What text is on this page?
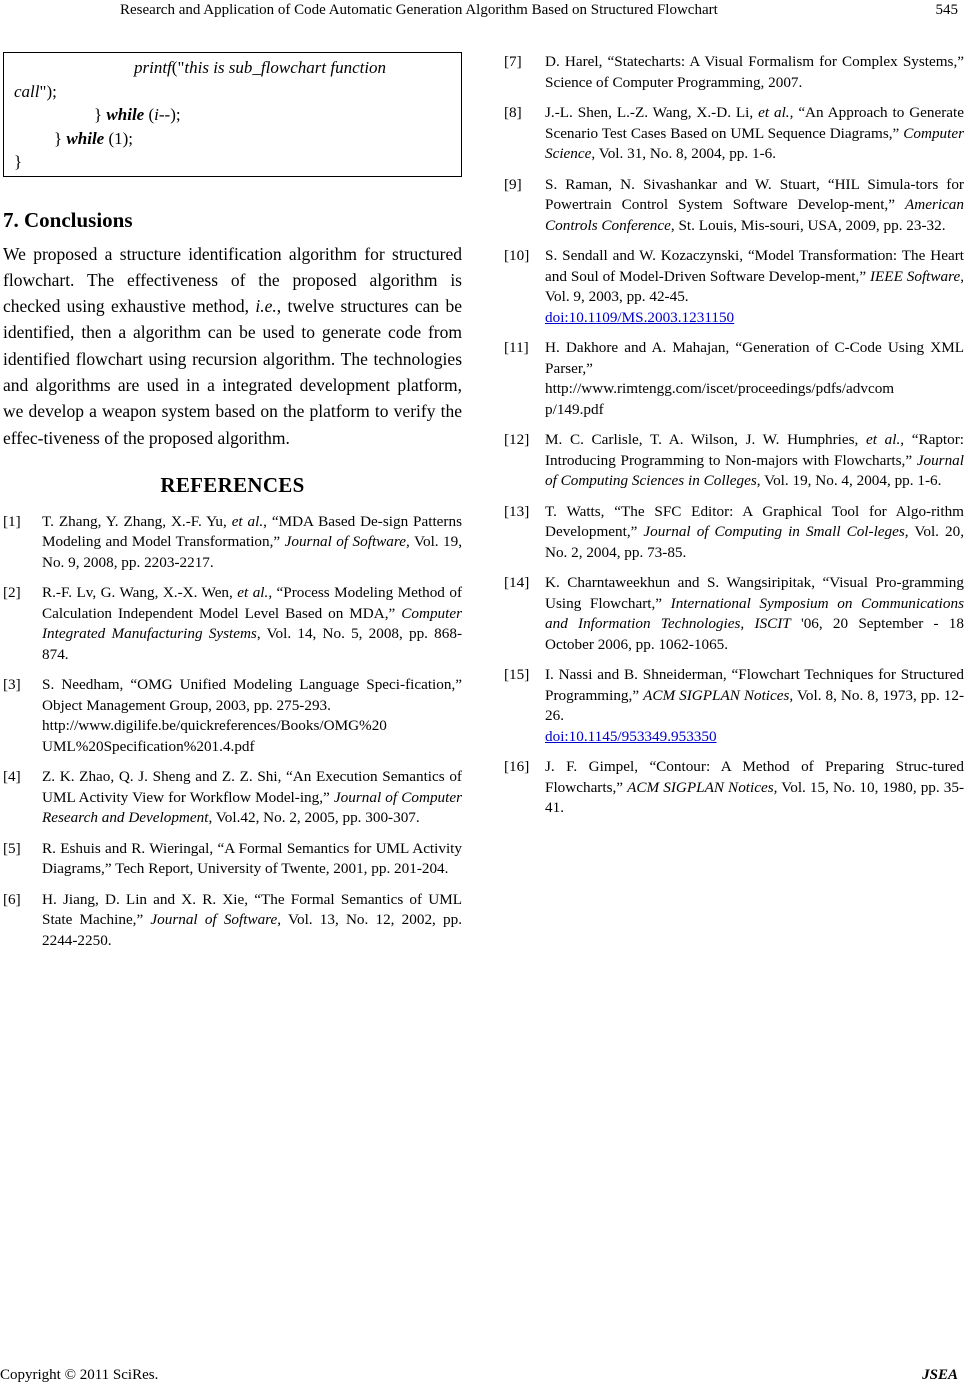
Research and Application of Code Automatic Generation Algorithm Based on Structured Flowchart	545
printf("this is sub_flowchart function
call");
} while (i--);
} while (1);
}
7. Conclusions

We proposed a structure identification algorithm for structured flowchart. The effectiveness of the proposed algorithm is checked using exhaustive method, i.e., twelve structures can be identified, then a algorithm can be used to generate code from identified flowchart using recursion algorithm. The technologies and algorithms are used in a integrated development platform, we develop a weapon system based on the platform to verify the effec-tiveness of the proposed algorithm.

REFERENCES
[1] T. Zhang, Y. Zhang, X.-F. Yu, et al., “MDA Based De-sign Patterns Modeling and Model Transformation,” Journal of Software, Vol. 19, No. 9, 2008, pp. 2203-2217.
[2] R.-F. Lv, G. Wang, X.-X. Wen, et al., “Process Modeling Method of Calculation Independent Model Level Based on MDA,” Computer Integrated Manufacturing Systems, Vol. 14, No. 5, 2008, pp. 868-874.
[3] S. Needham, “OMG Unified Modeling Language Speci-fication,” Object Management Group, 2003, pp. 275-293.
http://www.digilife.be/quickreferences/Books/OMG%20
UML%20Specification%201.4.pdf
[4] Z. K. Zhao, Q. J. Sheng and Z. Z. Shi, “An Execution Semantics of UML Activity View for Workflow Model-ing,” Journal of Computer Research and Development, Vol.42, No. 2, 2005, pp. 300-307.
[5] R. Eshuis and R. Wieringal, “A Formal Semantics for UML Activity Diagrams,” Tech Report, University of Twente, 2001, pp. 201-204.
[6] H. Jiang, D. Lin and X. R. Xie, “The Formal Semantics of UML State Machine,” Journal of Software, Vol. 13, No. 12, 2002, pp. 2244-2250.
[7] D. Harel, “Statecharts: A Visual Formalism for Complex Systems,” Science of Computer Programming, 2007.
[8] J.-L. Shen, L.-Z. Wang, X.-D. Li, et al., “An Approach to Generate Scenario Test Cases Based on UML Sequence Diagrams,” Computer Science, Vol. 31, No. 8, 2004, pp. 1-6.
[9] S. Raman, N. Sivashankar and W. Stuart, “HIL Simula-tors for Powertrain Control System Software Develop-ment,” American Controls Conference, St. Louis, Mis-souri, USA, 2009, pp. 23-32.
[10] S. Sendall and W. Kozaczynski, “Model Transformation: The Heart and Soul of Model-Driven Software Develop-ment,” IEEE Software, Vol. 9, 2003, pp. 42-45.
doi:10.1109/MS.2003.1231150
[11] H. Dakhore and A. Mahajan, “Generation of C-Code Using XML Parser,”
http://www.rimtengg.com/iscet/proceedings/pdfs/advcom
p/149.pdf
[12] M. C. Carlisle, T. A. Wilson, J. W. Humphries, et al., “Raptor: Introducing Programming to Non-majors with Flowcharts,” Journal of Computing Sciences in Colleges, Vol. 19, No. 4, 2004, pp. 1-6.
[13] T. Watts, “The SFC Editor: A Graphical Tool for Algo-rithm Development,” Journal of Computing in Small Col-leges, Vol. 20, No. 2, 2004, pp. 73-85.
[14] K. Charntaweekhun and S. Wangsiripitak, “Visual Pro-gramming Using Flowchart,” International Symposium on Communications and Information Technologies, ISCIT '06, 20 September - 18 October 2006, pp. 1062-1065.
[15] I. Nassi and B. Shneiderman, “Flowchart Techniques for Structured Programming,” ACM SIGPLAN Notices, Vol. 8, No. 8, 1973, pp. 12-26.
doi:10.1145/953349.953350
[16] J. F. Gimpel, “Contour: A Method of Preparing Struc-tured Flowcharts,” ACM SIGPLAN Notices, Vol. 15, No. 10, 1980, pp. 35-41.
Copyright © 2011 SciRes.	JSEA
